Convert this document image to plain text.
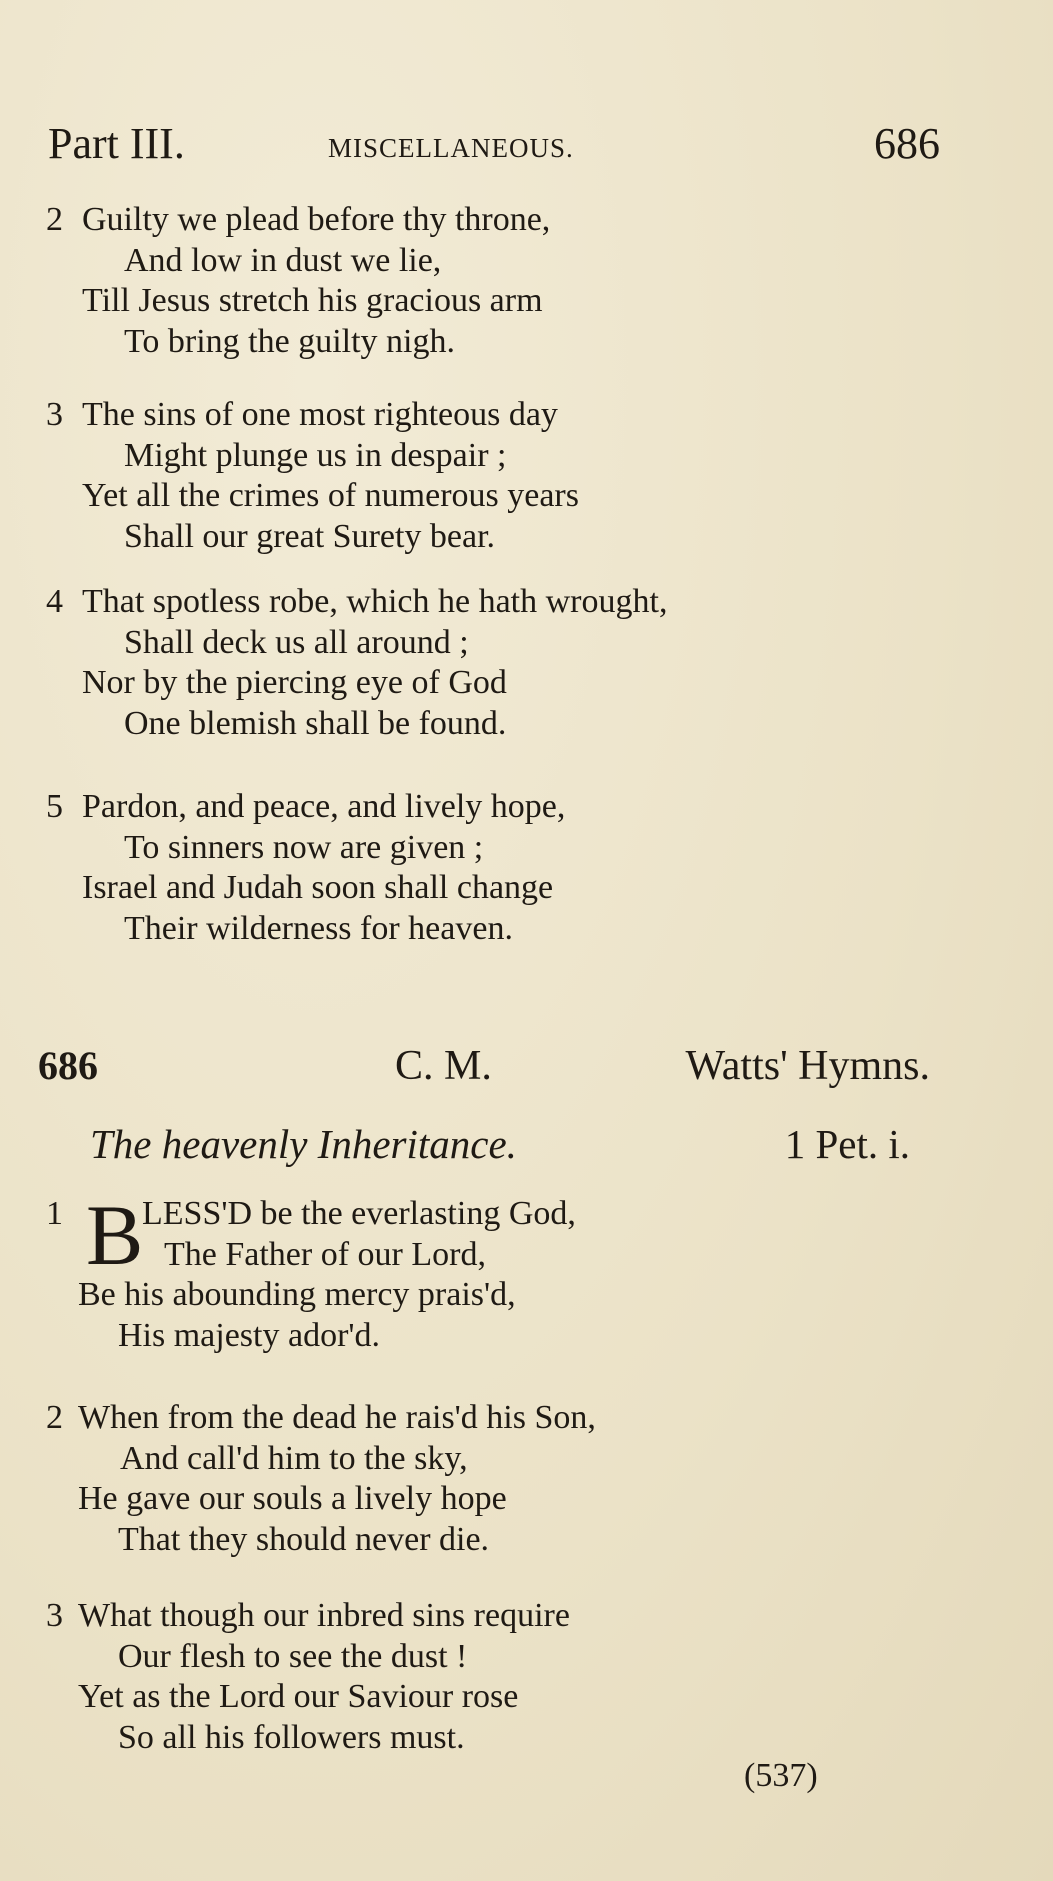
Part III.	MISCELLANEOUS.	686
2 Guilty we plead before thy throne,
And low in dust we lie,
Till Jesus stretch his gracious arm
To bring the guilty nigh.
3 The sins of one most righteous day
Might plunge us in despair ;
Yet all the crimes of numerous years
Shall our great Surety bear.
4 That spotless robe, which he hath wrought,
Shall deck us all around ;
Nor by the piercing eye of God
One blemish shall be found.
5 Pardon, and peace, and lively hope,
To sinners now are given ;
Israel and Judah soon shall change
Their wilderness for heaven.
686	C. M.	Watts' Hymns.
The heavenly Inheritance.	1 Pet. i.
1 B
LESS'D be the everlasting God,
The Father of our Lord,
Be his abounding mercy prais'd,
His majesty ador'd.
2 When from the dead he rais'd his Son,
And call'd him to the sky,
He gave our souls a lively hope
That they should never die.
3 What though our inbred sins require
Our flesh to see the dust !
Yet as the Lord our Saviour rose
So all his followers must.
(537)
